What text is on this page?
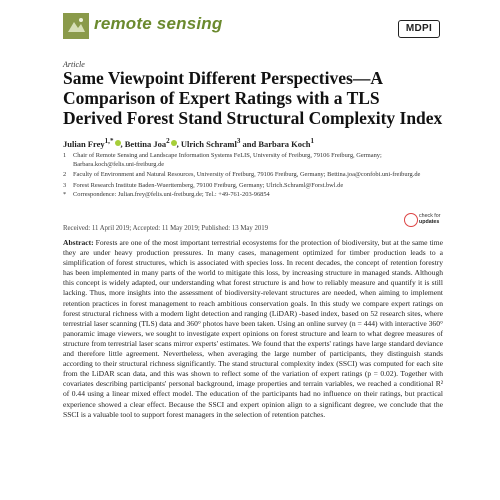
remote sensing	MDPI
Article
Same Viewpoint Different Perspectives—A Comparison of Expert Ratings with a TLS Derived Forest Stand Structural Complexity Index
Julian Frey$^{1,*}$ , Bettina Joa$^2$ , Ulrich Schraml$^3$ and Barbara Koch$^1$
1	Chair of Remote Sensing and Landscape Information Systems FeLIS, University of Freiburg, 79106 Freiburg, Germany; Barbara.koch@felis.uni-freiburg.de
2	Faculty of Environment and Natural Resources, University of Freiburg, 79106 Freiburg, Germany; Bettina.joa@confobi.uni-freiburg.de
3	Forest Research Institute Baden-Wuerttemberg, 79100 Freiburg, Germany; Ulrich.Schraml@Forst.bwl.de
*	Correspondence: Julian.frey@felis.uni-freiburg.de; Tel.: +49-761-203-96854
check for
updates
Received: 11 April 2019; Accepted: 11 May 2019; Published: 13 May 2019
Abstract: Forests are one of the most important terrestrial ecosystems for the protection of biodiversity, but at the same time they are under heavy production pressures. In many cases, management optimized for timber production leads to a simplification of forest structures, which is associated with species loss. In recent decades, the concept of retention forestry has been implemented in many parts of the world to mitigate this loss, by increasing structure in managed stands. Although this concept is widely adapted, our understanding what forest structure is and how to reliably measure and quantify it is still lacking. Thus, more insights into the assessment of biodiversity-relevant structures are needed, when aiming to implement retention practices in forest management to reach ambitious conservation goals. In this study we compare expert ratings on forest structural richness with a modern light detection and ranging (LiDAR) -based index, based on 52 research sites, where terrestrial laser scanning (TLS) data and 360° photos have been taken. Using an online survey (n = 444) with interactive 360° panoramic image viewers, we sought to investigate expert opinions on forest structure and learn to what degree measures of structure from terrestrial laser scans mirror experts' estimates. We found that the experts' ratings have large standard deviance and therefore little agreement. Nevertheless, when averaging the large number of participants, they distinguish stands according to their structural richness significantly. The stand structural complexity index (SSCI) was computed for each site from the LiDAR scan data, and this was shown to reflect some of the variation of expert ratings (p = 0.02). Together with covariates describing participants' personal background, image properties and terrain variables, we reached a conditional R² of 0.44 using a linear mixed effect model. The education of the participants had no influence on their ratings, but practical experience showed a clear effect. Because the SSCI and expert opinion align to a significant degree, we conclude that the SSCI is a valuable tool to support forest managers in the selection of retention patches.
